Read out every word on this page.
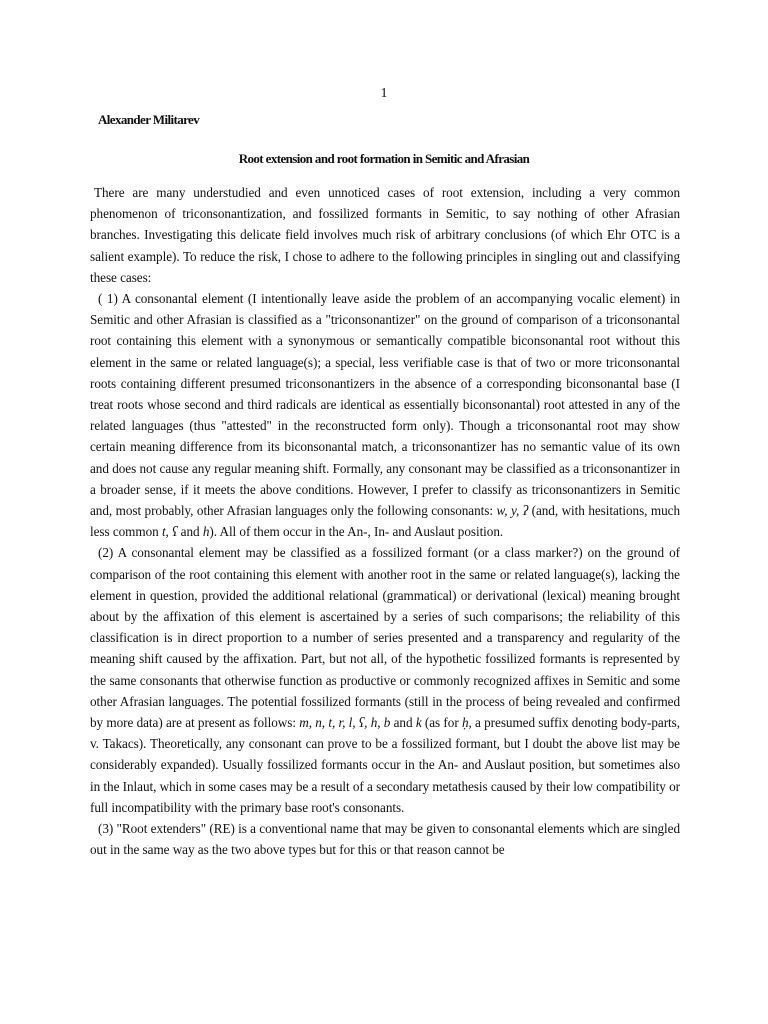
1
Alexander Militarev
Root extension and root formation in Semitic and Afrasian

There are many understudied and even unnoticed cases of root extension, including a very common phenomenon of triconsonantization, and fossilized formants in Semitic, to say nothing of other Afrasian branches. Investigating this delicate field involves much risk of arbitrary conclusions (of which Ehr OTC is a salient example). To reduce the risk, I chose to adhere to the following principles in singling out and classifying these cases:

( 1) A consonantal element (I intentionally leave aside the problem of an accompanying vocalic element) in Semitic and other Afrasian is classified as a "triconsonantizer" on the ground of comparison of a triconsonantal root containing this element with a synonymous or semantically compatible biconsonantal root without this element in the same or related language(s); a special, less verifiable case is that of two or more triconsonantal roots containing different presumed triconsonantizers in the absence of a corresponding biconsonantal base (I treat roots whose second and third radicals are identical as essentially biconsonantal) root attested in any of the related languages (thus "attested" in the reconstructed form only). Though a triconsonantal root may show certain meaning difference from its biconsonantal match, a triconsonantizer has no semantic value of its own and does not cause any regular meaning shift. Formally, any consonant may be classified as a triconsonantizer in a broader sense, if it meets the above conditions. However, I prefer to classify as triconsonantizers in Semitic and, most probably, other Afrasian languages only the following consonants: w, y, ʔ (and, with hesitations, much less common t, ʕ and h). All of them occur in the An-, In- and Auslaut position.

(2) A consonantal element may be classified as a fossilized formant (or a class marker?) on the ground of comparison of the root containing this element with another root in the same or related language(s), lacking the element in question, provided the additional relational (grammatical) or derivational (lexical) meaning brought about by the affixation of this element is ascertained by a series of such comparisons; the reliability of this classification is in direct proportion to a number of series presented and a transparency and regularity of the meaning shift caused by the affixation. Part, but not all, of the hypothetic fossilized formants is represented by the same consonants that otherwise function as productive or commonly recognized affixes in Semitic and some other Afrasian languages. The potential fossilized formants (still in the process of being revealed and confirmed by more data) are at present as follows: m, n, t, r, l, ʕ, h, b and k (as for ḥ, a presumed suffix denoting body-parts, v. Takacs). Theoretically, any consonant can prove to be a fossilized formant, but I doubt the above list may be considerably expanded). Usually fossilized formants occur in the An- and Auslaut position, but sometimes also in the Inlaut, which in some cases may be a result of a secondary metathesis caused by their low compatibility or full incompatibility with the primary base root's consonants.

(3) "Root extenders" (RE) is a conventional name that may be given to consonantal elements which are singled out in the same way as the two above types but for this or that reason cannot be
